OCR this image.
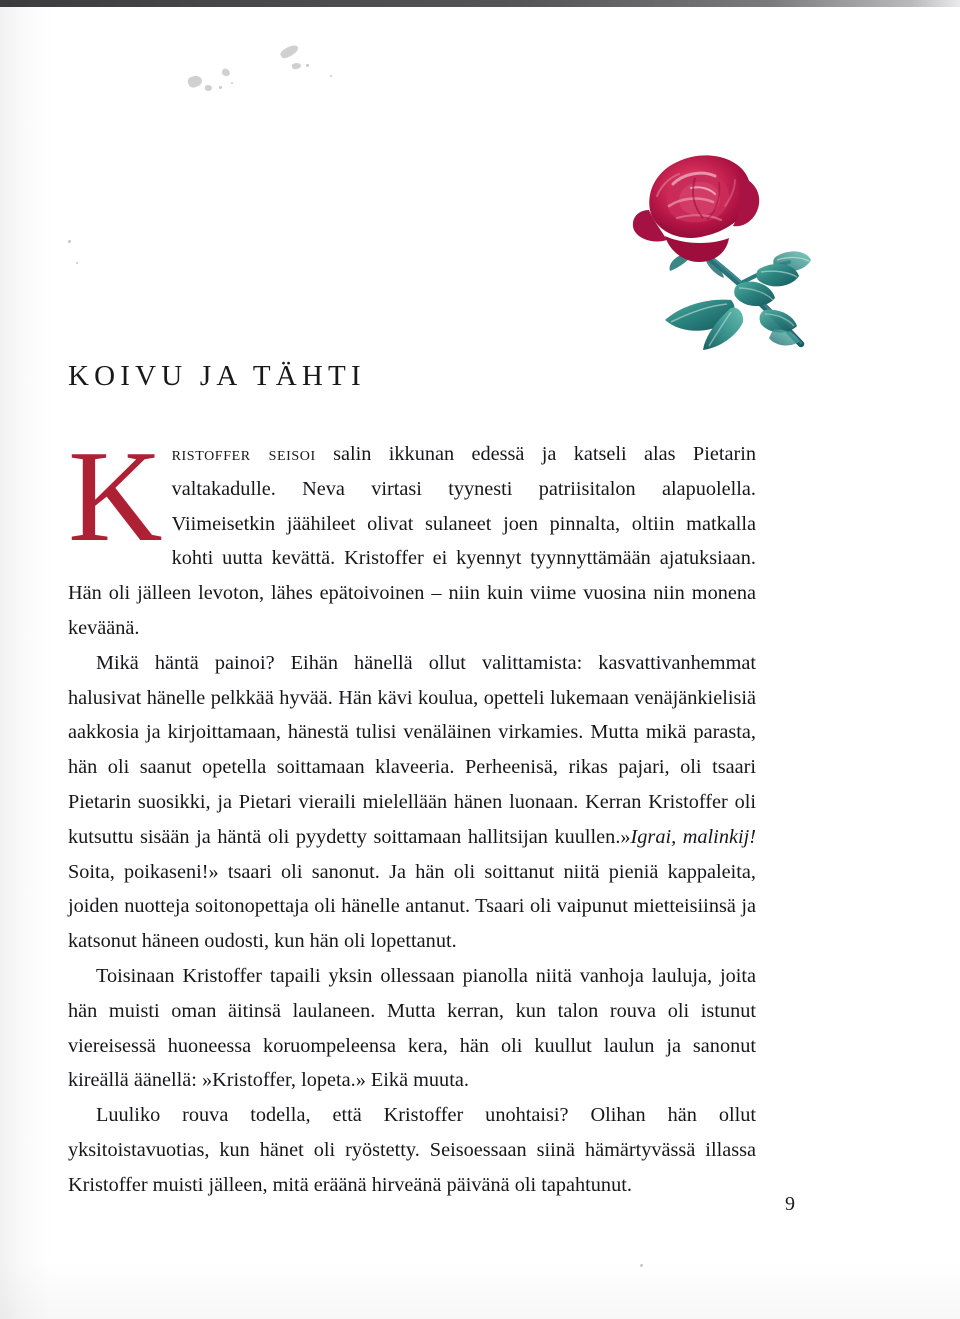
KOIVU JA TÄHTI

Kristoffer seisoi salin ikkunan edessä ja katseli alas Pietarin valtakadulle. Neva virtasi tyynesti patriisitalon alapuolella. Viimeisetkin jäähileet olivat sulaneet joen pinnalta, oltiin matkalla kohti uutta kevättä. Kristoffer ei kyennyt tyynnyttämään ajatuksiaan. Hän oli jälleen levoton, lähes epätoivoinen – niin kuin viime vuosina niin monena keväänä.

Mikä häntä painoi? Eihän hänellä ollut valittamista: kasvattivanhemmat halusivat hänelle pelkkää hyvää. Hän kävi koulua, opetteli lukemaan venäjänkielisiä aakkosia ja kirjoittamaan, hänestä tulisi venäläinen virkamies. Mutta mikä parasta, hän oli saanut opetella soittamaan klaveeria. Perheenisä, rikas pajari, oli tsaari Pietarin suosikki, ja Pietari vieraili mielellään hänen luonaan. Kerran Kristoffer oli kutsuttu sisään ja häntä oli pyydetty soittamaan hallitsijan kuullen.»Igrai, malinkij! Soita, poikaseni!» tsaari oli sanonut. Ja hän oli soittanut niitä pieniä kappaleita, joiden nuotteja soitonopettaja oli hänelle antanut. Tsaari oli vaipunut mietteisiinsä ja katsonut häneen oudosti, kun hän oli lopettanut.

Toisinaan Kristoffer tapaili yksin ollessaan pianolla niitä vanhoja lauluja, joita hän muisti oman äitinsä laulaneen. Mutta kerran, kun talon rouva oli istunut viereisessä huoneessa koruompeleensa kera, hän oli kuullut laulun ja sanonut kireällä äänellä: »Kristoffer, lopeta.» Eikä muuta.

Luuliko rouva todella, että Kristoffer unohtaisi? Olihan hän ollut yksitoistavuotias, kun hänet oli ryöstetty. Seisoessaan siinä hämärtyvässä illassa Kristoffer muisti jälleen, mitä eräänä hirveänä päivänä oli tapahtunut.

9
